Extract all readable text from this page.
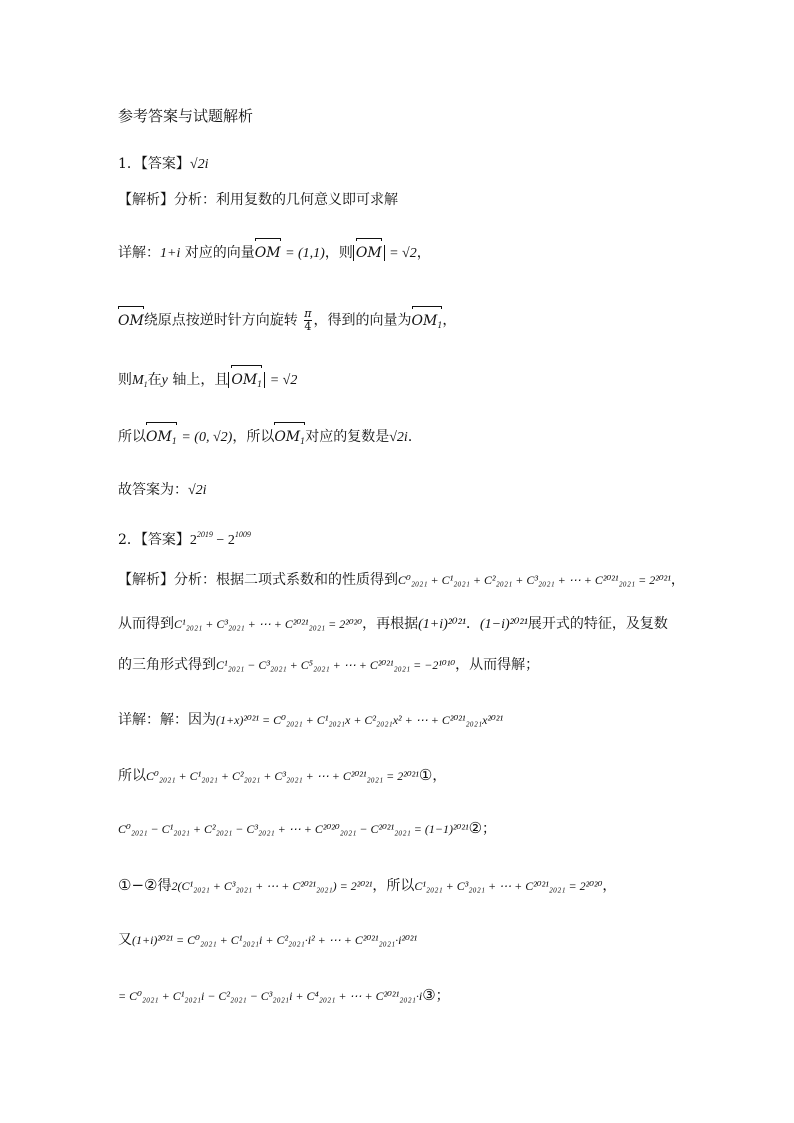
参考答案与试题解析
1．【答案】√2i
【解析】分析：利用复数的几何意义即可求解
详解：1+i 对应的向量OM = (1,1)，则 OM = √2，
OM绕原点按逆时针方向旋转 $\frac{\pi}{4}$ ，得到的向量为$OM_1$，
则$M_1$在y 轴上，且 $OM_1 = √2$
所以$OM_1 = (0$, √2)，所以$OM_1$对应的复数是√2i．
故答案为：√2i
2．【答案】$2^{2019} - 2^{1009}$
【解析】分析：根据二项式系数和的性质得到C⁰₂₀₂₁ + C¹₂₀₂₁ + C²₂₀₂₁ + C³₂₀₂₁ + ⋯ + C²⁰²¹₂₀₂₁ = 2²⁰²¹，
从而得到C¹₂₀₂₁ + C³₂₀₂₁ + ⋯ + C²⁰²¹₂₀₂₁ = 2²⁰²⁰，再根据(1+i)²⁰²¹．(1−i)²⁰²¹展开式的特征，及复数
的三角形式得到C¹₂₀₂₁ − C³₂₀₂₁ + C⁵₂₀₂₁ + ⋯ + C²⁰²¹₂₀₂₁ = −2¹⁰¹⁰，从而得解；
详解：解：因为(1+x)²⁰²¹ = C⁰₂₀₂₁ + C¹₂₀₂₁x + C²₂₀₂₁x² + ⋯ + C²⁰²¹₂₀₂₁x²⁰²¹
所以C⁰₂₀₂₁ + C¹₂₀₂₁ + C²₂₀₂₁ + C³₂₀₂₁ + ⋯ + C²⁰²¹₂₀₂₁ = 2²⁰²¹①，
C⁰₂₀₂₁ − C¹₂₀₂₁ + C²₂₀₂₁ − C³₂₀₂₁ + ⋯ + C²⁰²⁰₂₀₂₁ − C²⁰²¹₂₀₂₁ = (1−1)²⁰²¹②；
①−②得2(C¹₂₀₂₁ + C³₂₀₂₁ + ⋯ + C²⁰²¹₂₀₂₁) = 2²⁰²¹，所以C¹₂₀₂₁ + C³₂₀₂₁ + ⋯ + C²⁰²¹₂₀₂₁ = 2²⁰²⁰，
又(1+i)²⁰²¹ = C⁰₂₀₂₁ + C¹₂₀₂₁i + C²₂₀₂₁·i² + ⋯ + C²⁰²¹₂₀₂₁·i²⁰²¹
= C⁰₂₀₂₁ + C¹₂₀₂₁i − C²₂₀₂₁ − C³₂₀₂₁i + C⁴₂₀₂₁ + ⋯ + C²⁰²¹₂₀₂₁·i③；
